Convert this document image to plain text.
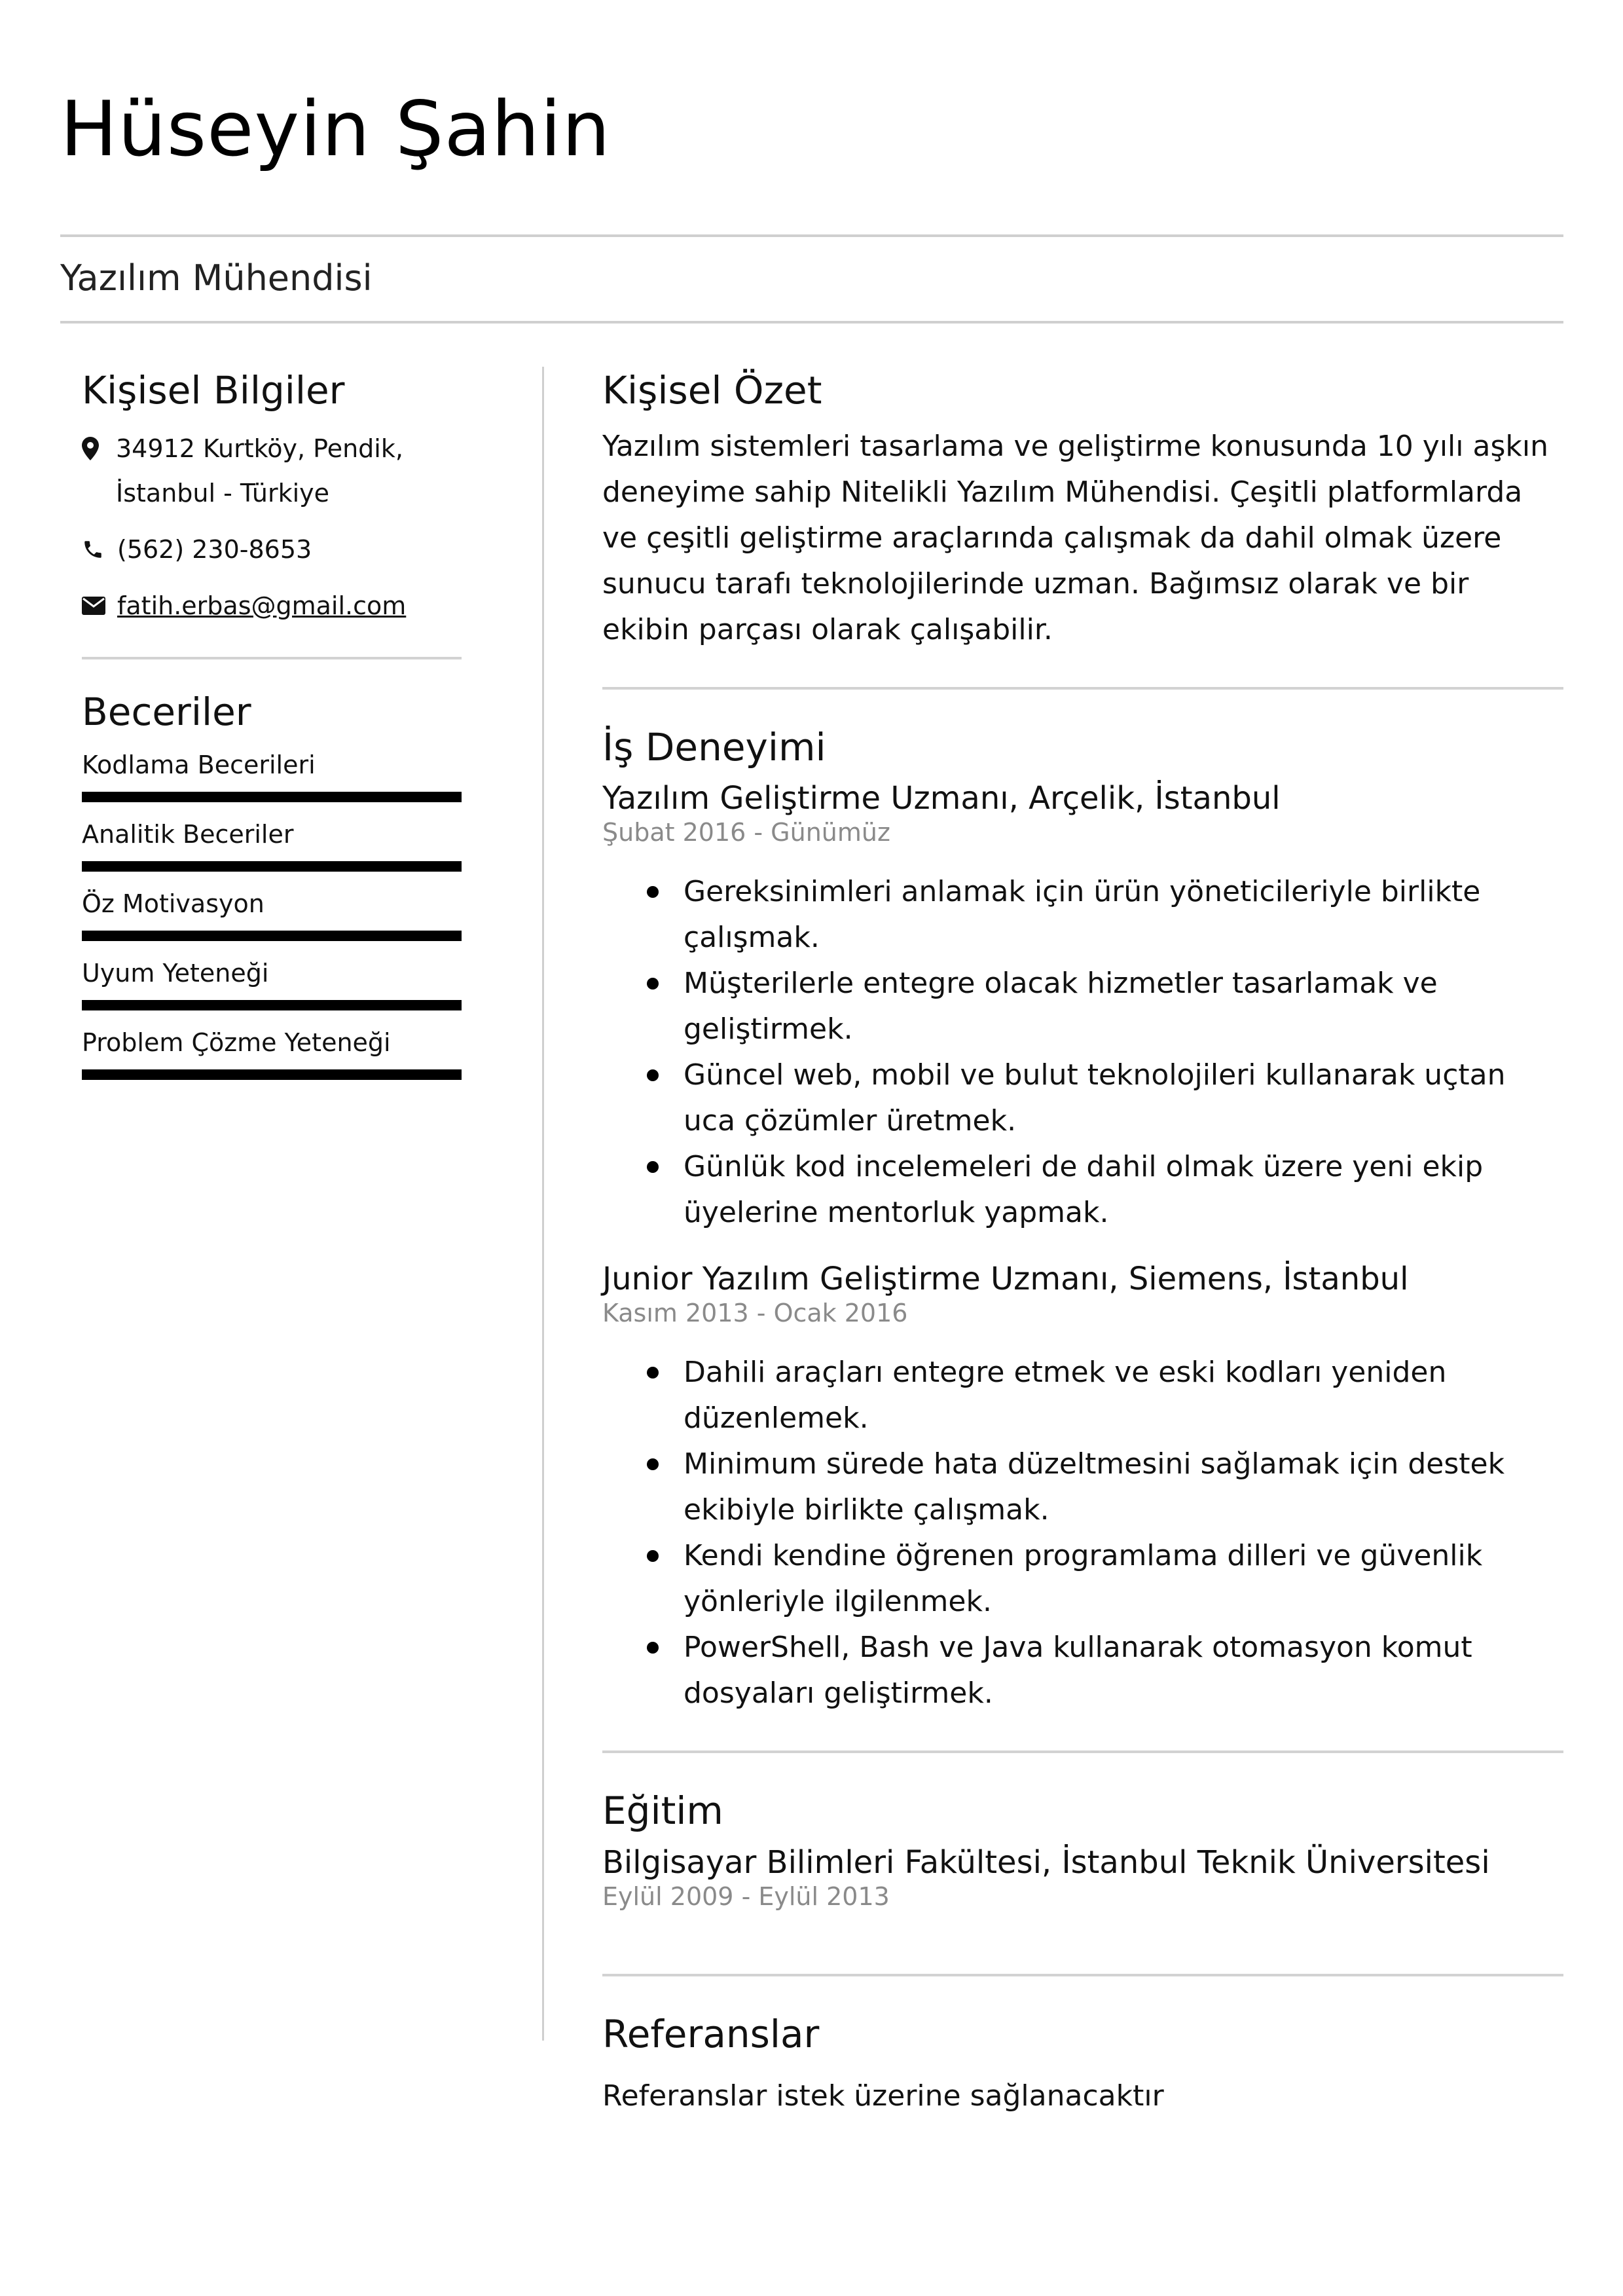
Hüseyin Şahin
Yazılım Mühendisi
Kişisel Bilgiler
34912 Kurtköy, Pendik,
İstanbul - Türkiye
(562) 230-8653
fatih.erbas@gmail.com
Beceriler
Kodlama Becerileri
Analitik Beceriler
Öz Motivasyon
Uyum Yeteneği
Problem Çözme Yeteneği
Kişisel Özet

Yazılım sistemleri tasarlama ve geliştirme konusunda 10 yılı aşkın deneyime sahip Nitelikli Yazılım Mühendisi. Çeşitli platformlarda ve çeşitli geliştirme araçlarında çalışmak da dahil olmak üzere sunucu tarafı teknolojilerinde uzman. Bağımsız olarak ve bir ekibin parçası olarak çalışabilir.

İş Deneyimi
Yazılım Geliştirme Uzmanı, Arçelik, İstanbul
Şubat 2016 - Günümüz
Gereksinimleri anlamak için ürün yöneticileriyle birlikte çalışmak.
Müşterilerle entegre olacak hizmetler tasarlamak ve geliştirmek.
Güncel web, mobil ve bulut teknolojileri kullanarak uçtan uca çözümler üretmek.
Günlük kod incelemeleri de dahil olmak üzere yeni ekip üyelerine mentorluk yapmak.
Junior Yazılım Geliştirme Uzmanı, Siemens, İstanbul
Kasım 2013 - Ocak 2016
Dahili araçları entegre etmek ve eski kodları yeniden düzenlemek.
Minimum sürede hata düzeltmesini sağlamak için destek ekibiyle birlikte çalışmak.
Kendi kendine öğrenen programlama dilleri ve güvenlik yönleriyle ilgilenmek.
PowerShell, Bash ve Java kullanarak otomasyon komut dosyaları geliştirmek.
Eğitim
Bilgisayar Bilimleri Fakültesi, İstanbul Teknik Üniversitesi
Eylül 2009 - Eylül 2013
Referanslar

Referanslar istek üzerine sağlanacaktır
